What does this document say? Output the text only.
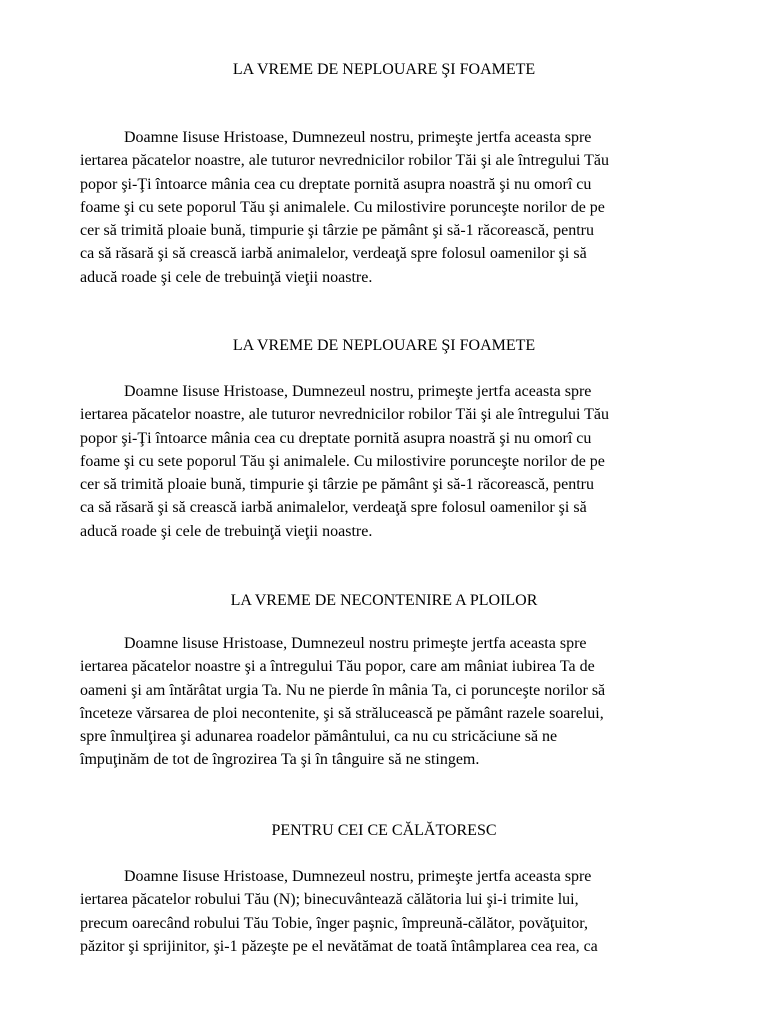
LA VREME DE NEPLOUARE ŞI FOAMETE
Doamne Iisuse Hristoase, Dumnezeul nostru, primeşte jertfa aceasta spre
iertarea păcatelor noastre, ale tuturor nevrednicilor robilor Tăi şi ale întregului Tău
popor şi-Ţi întoarce mânia cea cu dreptate pornită asupra noastră şi nu omorî cu
foame şi cu sete poporul Tău şi animalele. Cu milostivire porunceşte norilor de pe
cer să trimită ploaie bună, timpurie şi târzie pe pământ şi să-1 răcorească, pentru
ca să răsară şi să crească iarbă animalelor, verdeaţă spre folosul oamenilor şi să
aducă roade şi cele de trebuinţă vieţii noastre.
LA VREME DE NEPLOUARE ŞI FOAMETE
Doamne Iisuse Hristoase, Dumnezeul nostru, primeşte jertfa aceasta spre
iertarea păcatelor noastre, ale tuturor nevrednicilor robilor Tăi şi ale întregului Tău
popor şi-Ţi întoarce mânia cea cu dreptate pornită asupra noastră şi nu omorî cu
foame şi cu sete poporul Tău şi animalele. Cu milostivire porunceşte norilor de pe
cer să trimită ploaie bună, timpurie şi târzie pe pământ şi să-1 răcorească, pentru
ca să răsară şi să crească iarbă animalelor, verdeaţă spre folosul oamenilor şi să
aducă roade şi cele de trebuinţă vieţii noastre.
LA VREME DE NECONTENIRE A PLOILOR
Doamne lisuse Hristoase, Dumnezeul nostru primeşte jertfa aceasta spre
iertarea păcatelor noastre şi a întregului Tău popor, care am mâniat iubirea Ta de
oameni şi am întărâtat urgia Ta. Nu ne pierde în mânia Ta, ci porunceşte norilor să
înceteze vărsarea de ploi necontenite, şi să strălucească pe pământ razele soarelui,
spre înmulţirea şi adunarea roadelor pământului, ca nu cu stricăciune să ne
împuţinăm de tot de îngrozirea Ta şi în tânguire să ne stingem.
PENTRU CEI CE CĂLĂTORESC
Doamne Iisuse Hristoase, Dumnezeul nostru, primeşte jertfa aceasta spre
iertarea păcatelor robului Tău (N); binecuvântează călătoria lui şi-i trimite lui,
precum oarecând robului Tău Tobie, înger paşnic, împreună-călător, povăţuitor,
păzitor şi sprijinitor, şi-1 păzeşte pe el nevătămat de toată întâmplarea cea rea, ca
